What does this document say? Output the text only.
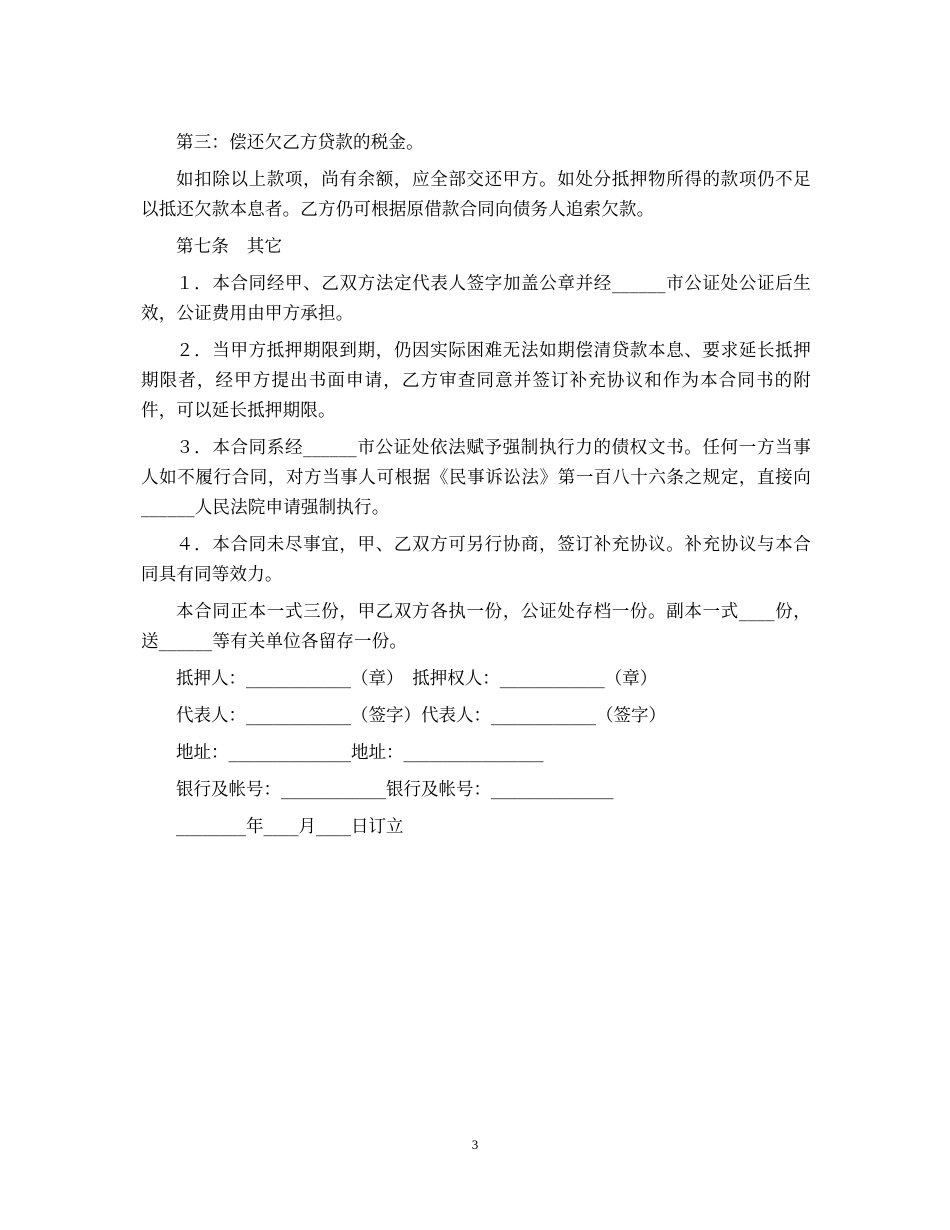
第三：偿还欠乙方贷款的税金。

如扣除以上款项，尚有余额，应全部交还甲方。如处分抵押物所得的款项仍不足以抵还欠款本息者。乙方仍可根据原借款合同向债务人追索欠款。

第七条　其它

１．本合同经甲、乙双方法定代表人签字加盖公章并经______市公证处公证后生效，公证费用由甲方承担。

２．当甲方抵押期限到期，仍因实际困难无法如期偿清贷款本息、要求延长抵押期限者，经甲方提出书面申请，乙方审查同意并签订补充协议和作为本合同书的附件，可以延长抵押期限。

３．本合同系经______市公证处依法赋予强制执行力的债权文书。任何一方当事人如不履行合同，对方当事人可根据《民事诉讼法》第一百八十六条之规定，直接向______人民法院申请强制执行。

４．本合同未尽事宜，甲、乙双方可另行协商，签订补充协议。补充协议与本合同具有同等效力。

本合同正本一式三份，甲乙双方各执一份，公证处存档一份。副本一式____份，送______等有关单位各留存一份。

抵押人：____________（章）　抵押权人：____________（章）
代表人：____________（签字）代表人：____________（签字）
地址：______________地址：________________
银行及帐号：____________银行及帐号：______________
________年____月____日订立
3
